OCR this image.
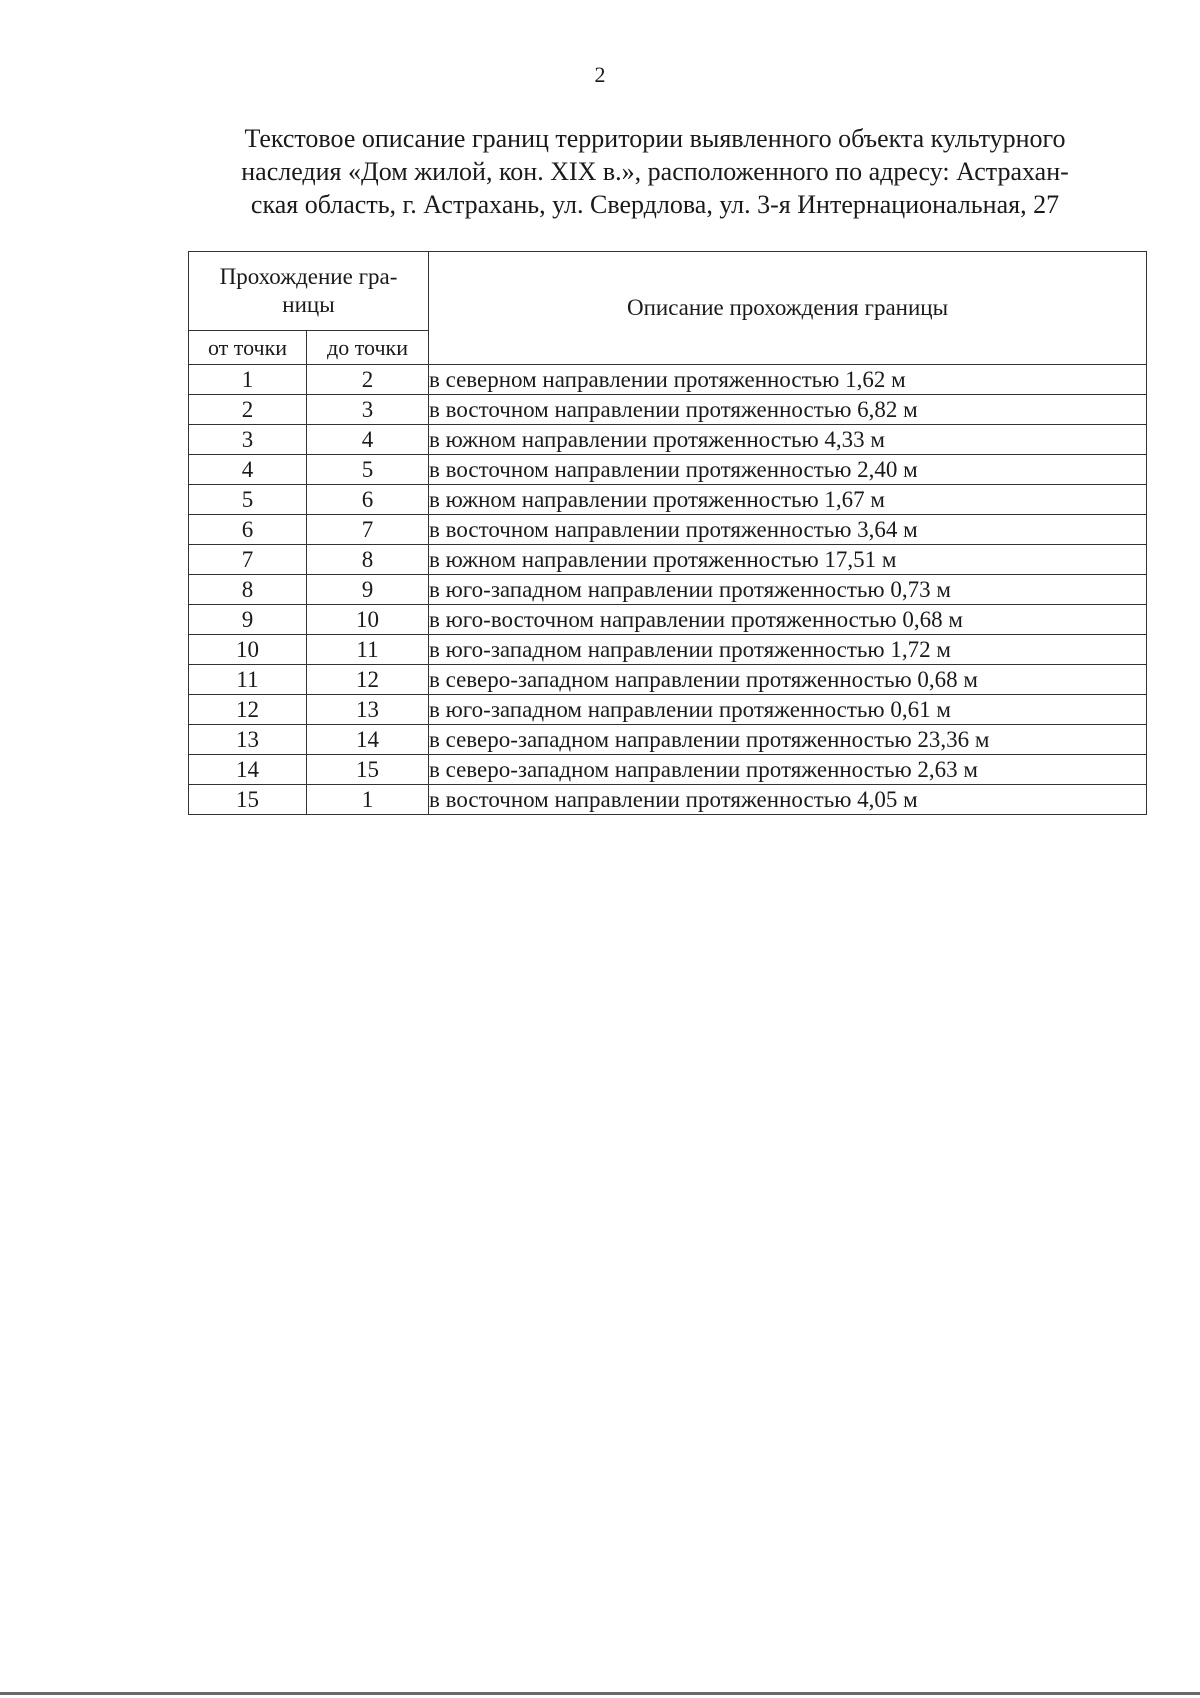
2
Текстовое описание границ территории выявленного объекта культурного
наследия «Дом жилой, кон. XIX в.», расположенного по адресу: Астрахан-
ская область, г. Астрахань, ул. Свердлова, ул. 3-я Интернациональная, 27
Прохождение гра-
ницы		Описание прохождения границы
от точки	до точки	
1	2	в северном направлении протяженностью 1,62 м
2	3	в восточном направлении протяженностью 6,82 м
3	4	в южном направлении протяженностью 4,33 м
4	5	в восточном направлении протяженностью 2,40 м
5	6	в южном направлении протяженностью 1,67 м
6	7	в восточном направлении протяженностью 3,64 м
7	8	в южном направлении протяженностью 17,51 м
8	9	в юго-западном направлении протяженностью 0,73 м
9	10	в юго-восточном направлении протяженностью 0,68 м
10	11	в юго-западном направлении протяженностью 1,72 м
11	12	в северо-западном направлении протяженностью 0,68 м
12	13	в юго-западном направлении протяженностью 0,61 м
13	14	в северо-западном направлении протяженностью 23,36 м
14	15	в северо-западном направлении протяженностью 2,63 м
15	1	в восточном направлении протяженностью 4,05 м
